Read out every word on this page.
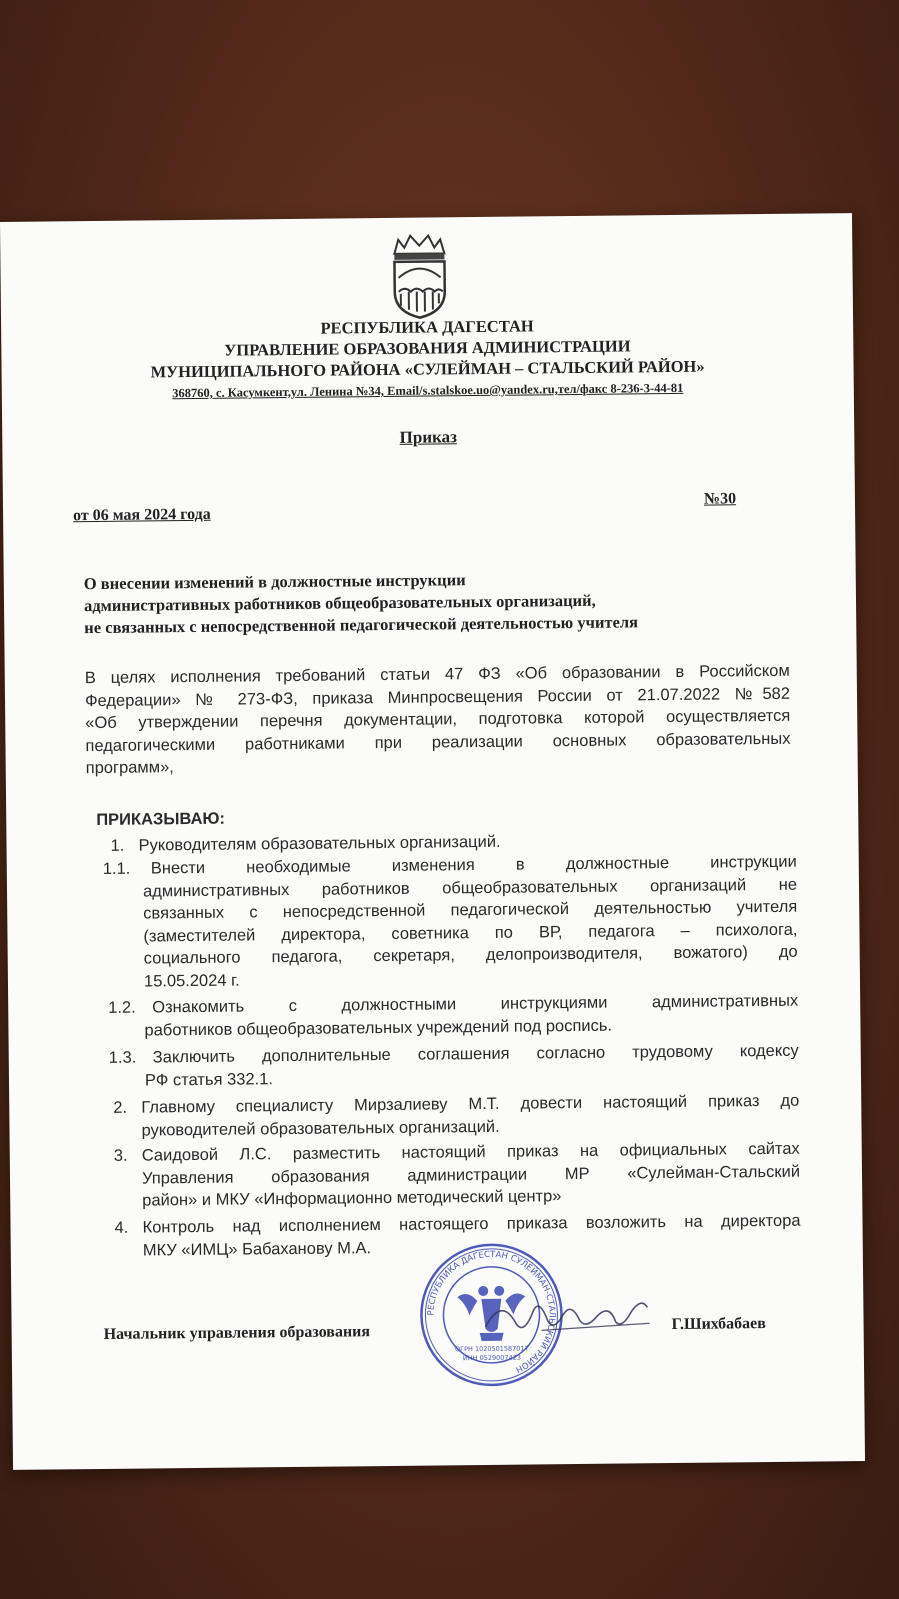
РЕСПУБЛИКА ДАГЕСТАН
УПРАВЛЕНИЕ ОБРАЗОВАНИЯ АДМИНИСТРАЦИИ
МУНИЦИПАЛЬНОГО РАЙОНА «СУЛЕЙМАН – СТАЛЬСКИЙ РАЙОН»
368760, с. Касумкент,ул. Ленина №34, Email/s.stalskoe.uo@yandex.ru,тел/факс 8-236-3-44-81
Приказ
от 06 мая 2024 года
№30
О внесении изменений в должностные инструкции
административных работников общеобразовательных организаций,
не связанных с непосредственной педагогической деятельностью учителя
В целях исполнения требований статьи 47 ФЗ «Об образовании в Российском
Федерации» № 273-ФЗ, приказа Минпросвещения России от 21.07.2022 №582
«Об утверждении перечня документации, подготовка которой осуществляется
педагогическими работниками при реализации основных образовательных
программ»,
ПРИКАЗЫВАЮ:
1. Руководителям образовательных организаций.
1.1.	Внести необходимые изменения в должностные инструкции
административных работников общеобразовательных организаций не
связанных с непосредственной педагогической деятельностью учителя
(заместителей директора, советника по ВР, педагога – психолога,
социального педагога, секретаря, делопроизводителя, вожатого) до
15.05.2024 г.
1.2. Ознакомить с должностными инструкциями административных
работников общеобразовательных учреждений под роспись.
1.3. Заключить дополнительные соглашения согласно трудовому кодексу
РФ статья 332.1.
2. Главному специалисту Мирзалиеву М.Т. довести настоящий приказ до
руководителей образовательных организаций.
3. Саидовой Л.С. разместить настоящий приказ на официальных сайтах
Управления образования администрации МР «Сулейман-Стальский
район» и МКУ «Информационно методический центр»
4. Контроль над исполнением настоящего приказа возложить на директора
МКУ «ИМЦ» Бабаханову М.А.
Начальник управления образования	Г.Шихбабаев
РЕСПУБЛИКА ДАГЕСТАН СУЛЕЙМАН-СТАЛЬСКИЙ РАЙОН
ОГРН 1020501587017
ИНН 0529007423
